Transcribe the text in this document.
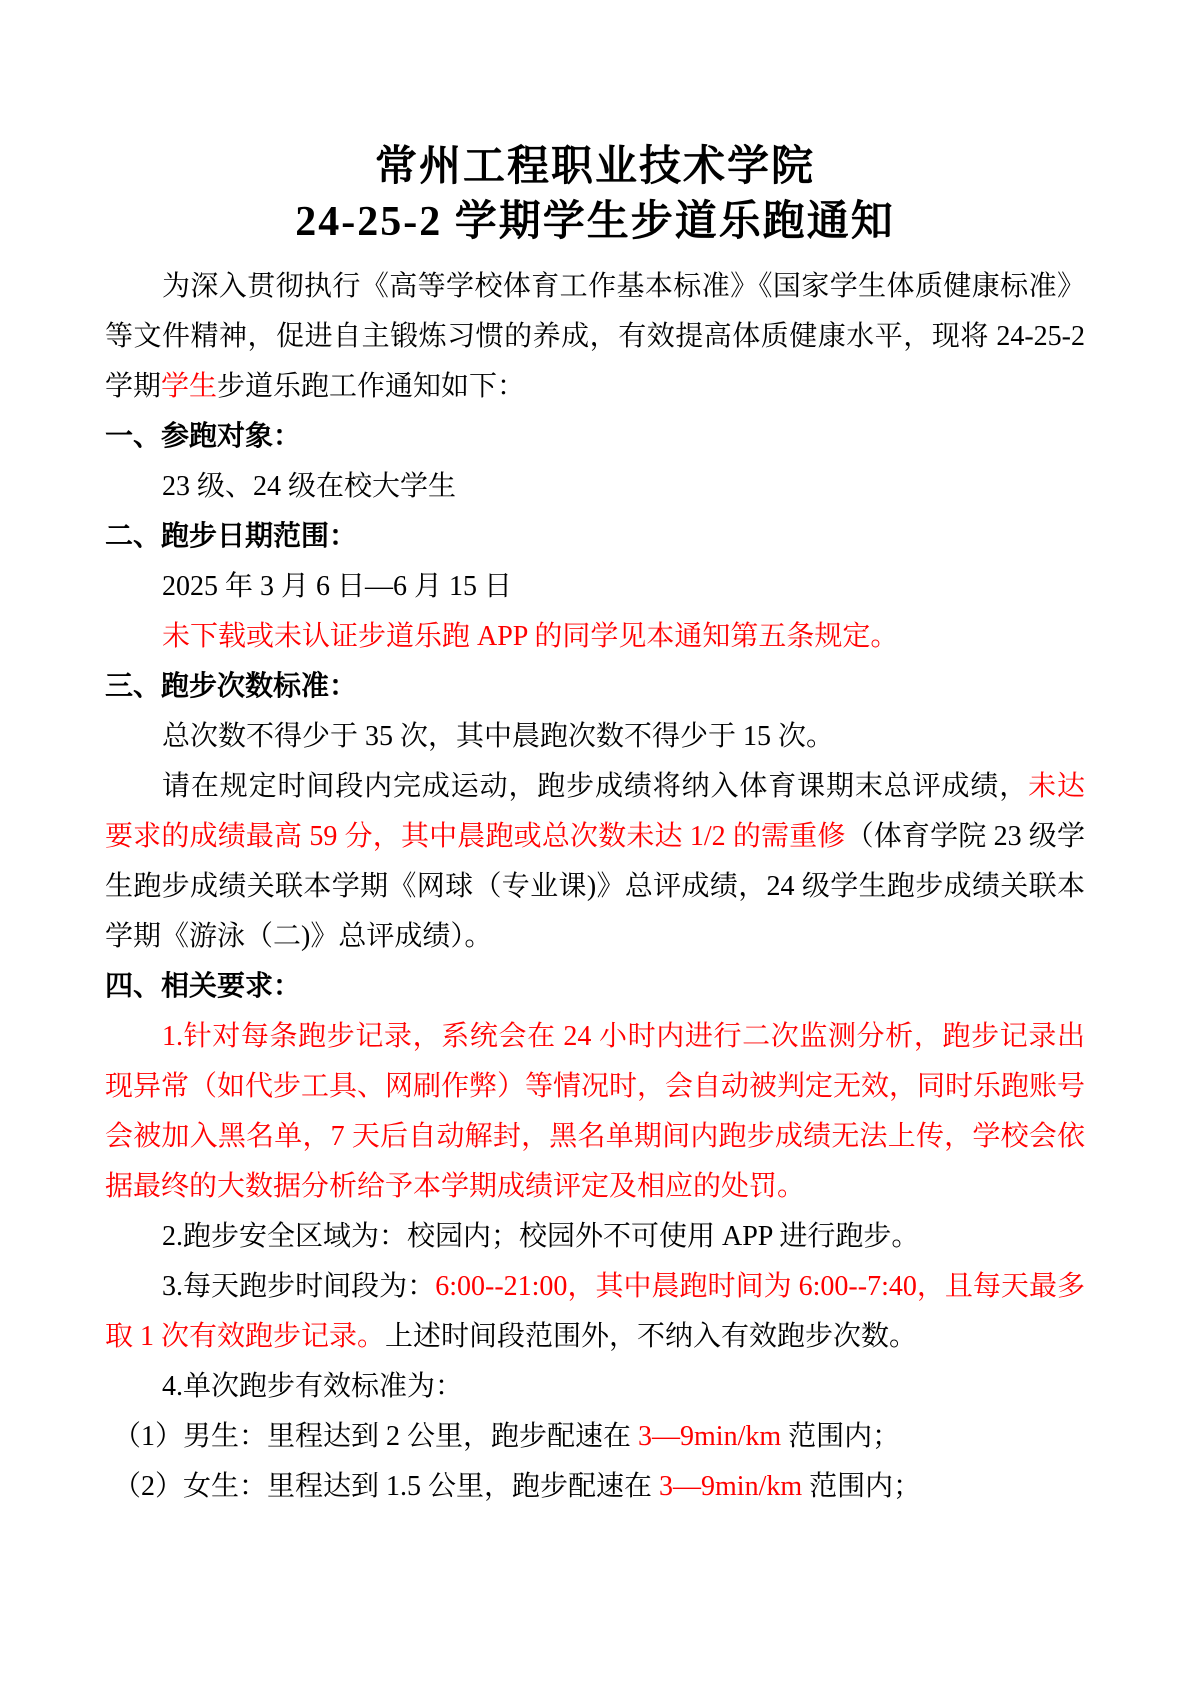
常州工程职业技术学院
24-25-2 学期学生步道乐跑通知

为深入贯彻执行《高等学校体育工作基本标准》《国家学生体质健康标准》等文件精神，促进自主锻炼习惯的养成，有效提高体质健康水平，现将 24-25-2 学期学生步道乐跑工作通知如下：

一、参跑对象：

23 级、24 级在校大学生

二、跑步日期范围：

2025 年 3 月 6 日—6 月 15 日

未下载或未认证步道乐跑 APP 的同学见本通知第五条规定。

三、跑步次数标准：

总次数不得少于 35 次，其中晨跑次数不得少于 15 次。

请在规定时间段内完成运动，跑步成绩将纳入体育课期末总评成绩，未达要求的成绩最高 59 分，其中晨跑或总次数未达 1/2 的需重修（体育学院 23 级学生跑步成绩关联本学期《网球（专业课)》总评成绩，24 级学生跑步成绩关联本学期《游泳（二)》总评成绩）。

四、相关要求：

1.针对每条跑步记录，系统会在 24 小时内进行二次监测分析，跑步记录出现异常（如代步工具、网刷作弊）等情况时，会自动被判定无效，同时乐跑账号会被加入黑名单，7 天后自动解封，黑名单期间内跑步成绩无法上传，学校会依据最终的大数据分析给予本学期成绩评定及相应的处罚。

2.跑步安全区域为：校园内；校园外不可使用 APP 进行跑步。

3.每天跑步时间段为：6:00--21:00，其中晨跑时间为 6:00--7:40，且每天最多取 1 次有效跑步记录。上述时间段范围外，不纳入有效跑步次数。

4.单次跑步有效标准为：

（1）男生：里程达到 2 公里，跑步配速在 3—9min/km 范围内；

（2）女生：里程达到 1.5 公里，跑步配速在 3—9min/km 范围内；
